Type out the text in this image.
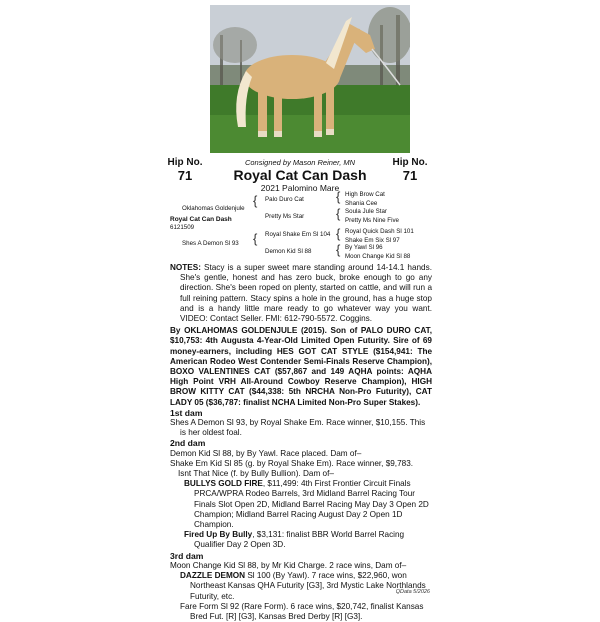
Hip No.
71
Hip No.
71
Consigned by Mason Reiner, MN
Royal Cat Can Dash
2021 Palomino Mare
Oklahomas Goldenjule
Royal Cat Can Dash
6121509
Shes A Demon Sl 93
{ Palo Duro Cat
Pretty Ms Star
{ Royal Shake Em Sl 104
Demon Kid Sl 88
{ High Brow Cat
Shania Cee
{ Soula Jule Star
Pretty Ms Nine Five
{ Royal Quick Dash Sl 101
Shake Em Six Sl 97
{ By Yawl Sl 96
Moon Change Kid Sl 88

NOTES: Stacy is a super sweet mare standing around 14-14.1 hands. She's gentle, honest and has zero buck, broke enough to go any direction. She's been roped on plenty, started on cattle, and will run a full reining pattern. Stacy spins a hole in the ground, has a huge stop and is a handy little mare ready to go whatever way you want. VIDEO: Contact Seller. FMI: 612-790-5572. Coggins.

By OKLAHOMAS GOLDENJULE (2015). Son of PALO DURO CAT, $10,753: 4th Augusta 4-Year-Old Limited Open Futurity. Sire of 69 money-earners, including HES GOT CAT STYLE ($154,941: The American Rodeo West Contender Semi-Finals Reserve Champion), BOXO VALENTINES CAT ($57,867 and 149 AQHA points: AQHA High Point VRH All-Around Cowboy Reserve Champion), HIGH BROW KITTY CAT ($44,338: 5th NRCHA Non-Pro Futurity), CAT LADY 05 ($36,787: finalist NCHA Limited Non-Pro Super Stakes).

1st dam

Shes A Demon Sl 93, by Royal Shake Em. Race winner, $10,155. This is her oldest foal.

2nd dam

Demon Kid Sl 88, by By Yawl. Race placed. Dam of–

Shake Em Kid Sl 85 (g. by Royal Shake Em). Race winner, $9,783.

Isnt That Nice (f. by Bully Bullion). Dam of–

BULLYS GOLD FIRE, $11,499: 4th First Frontier Circuit Finals PRCA/WPRA Rodeo Barrels, 3rd Midland Barrel Racing Tour Finals Slot Open 2D, Midland Barrel Racing May Day 3 Open 2D Champion; Midland Barrel Racing August Day 2 Open 1D Champion.

Fired Up By Bully, $3,131: finalist BBR World Barrel Racing Qualifier Day 2 Open 3D.

3rd dam

Moon Change Kid Sl 88, by Mr Kid Charge. 2 race wins, Dam of–

DAZZLE DEMON Sl 100 (By Yawl). 7 race wins, $22,960, won Northeast Kansas QHA Futurity [G3], 3rd Mystic Lake Northlands Futurity, etc.

Fare Form Sl 92 (Rare Form). 6 race wins, $20,742, finalist Kansas Bred Fut. [R] [G3], Kansas Bred Derby [R] [G3].

QData 5/2026
